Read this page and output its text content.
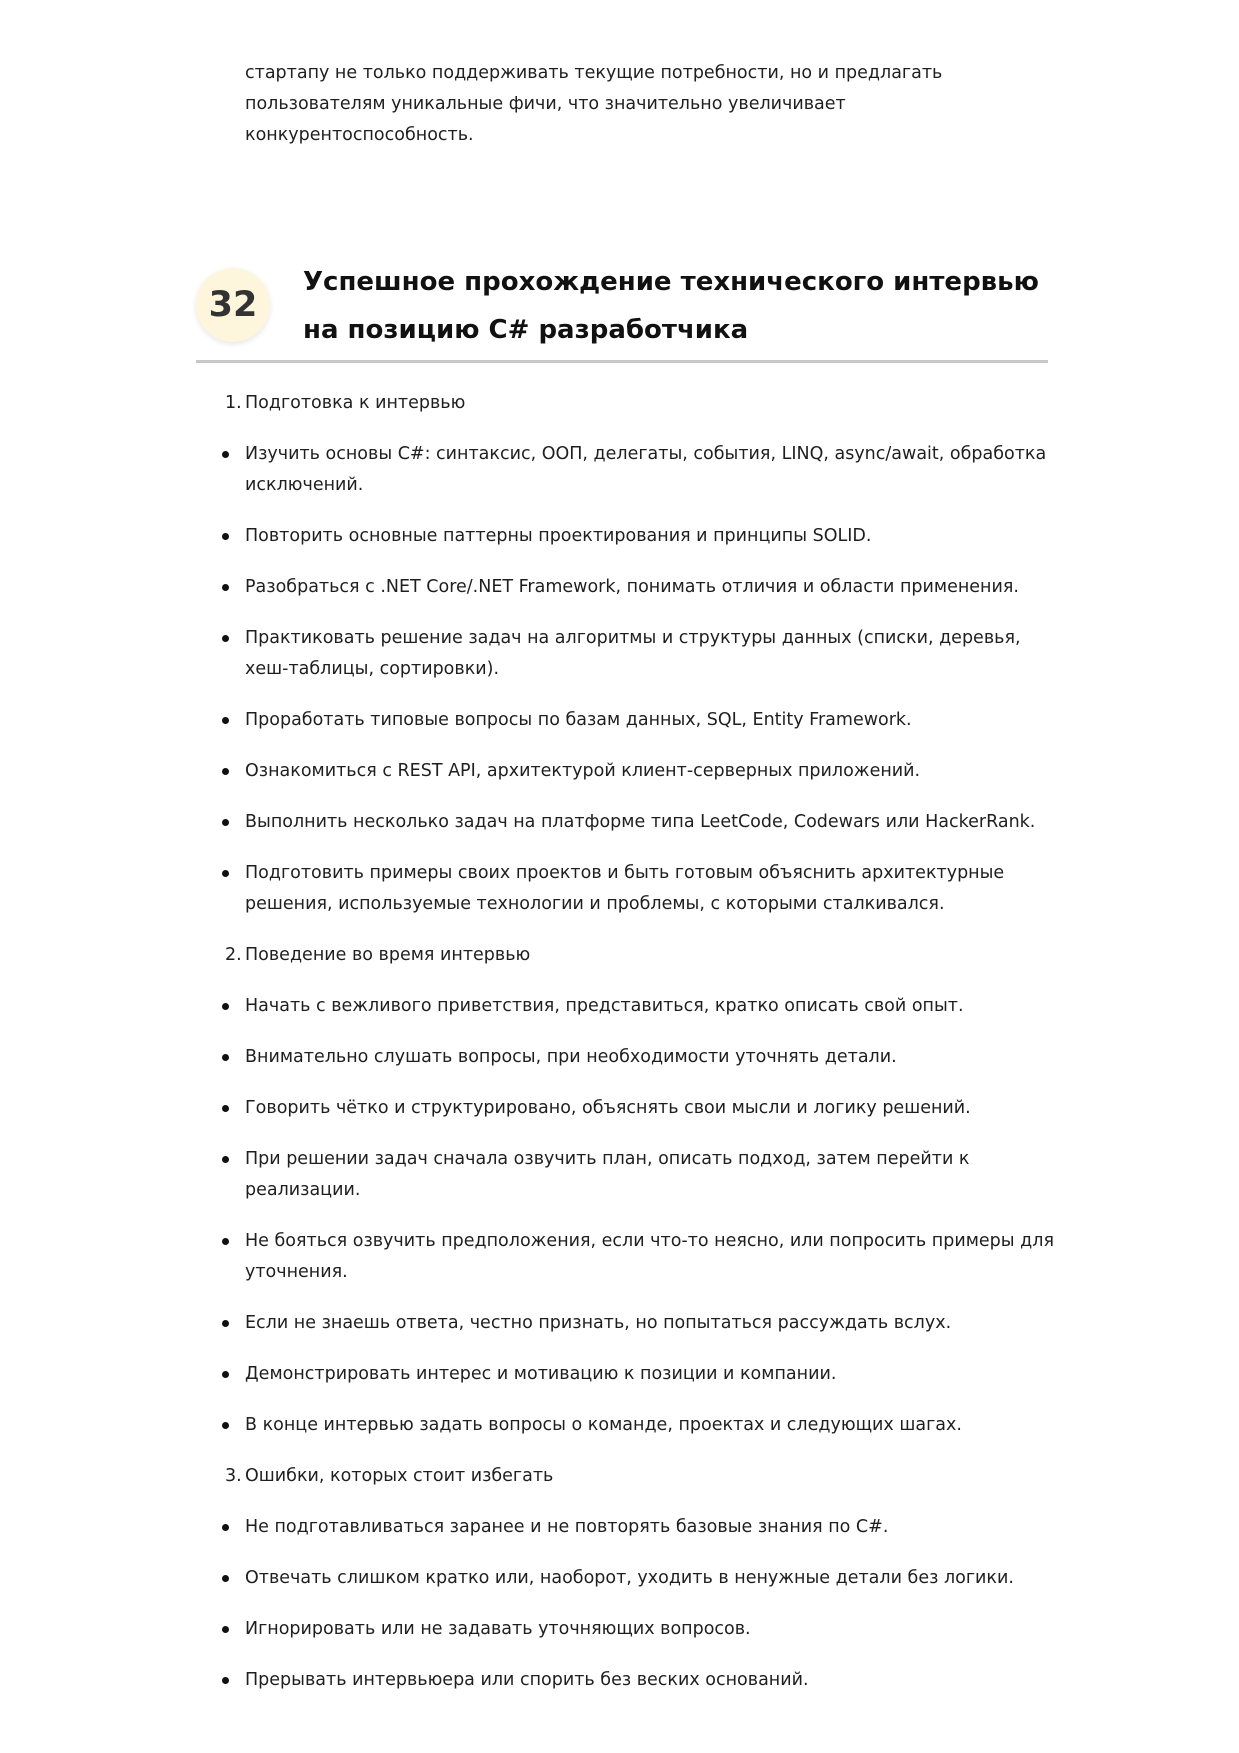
стартапу не только поддерживать текущие потребности, но и предлагать пользователям уникальные фичи, что значительно увеличивает конкурентоспособность.

32
Успешное прохождение технического интервью на позицию C# разработчика
1. Подготовка к интервью
Изучить основы C#: синтаксис, ООП, делегаты, события, LINQ, async/await, обработка исключений.
Повторить основные паттерны проектирования и принципы SOLID.
Разобраться с .NET Core/.NET Framework, понимать отличия и области применения.
Практиковать решение задач на алгоритмы и структуры данных (списки, деревья, хеш-таблицы, сортировки).
Проработать типовые вопросы по базам данных, SQL, Entity Framework.
Ознакомиться с REST API, архитектурой клиент-серверных приложений.
Выполнить несколько задач на платформе типа LeetCode, Codewars или HackerRank.
Подготовить примеры своих проектов и быть готовым объяснить архитектурные решения, используемые технологии и проблемы, с которыми сталкивался.
2. Поведение во время интервью
Начать с вежливого приветствия, представиться, кратко описать свой опыт.
Внимательно слушать вопросы, при необходимости уточнять детали.
Говорить чётко и структурировано, объяснять свои мысли и логику решений.
При решении задач сначала озвучить план, описать подход, затем перейти к реализации.
Не бояться озвучить предположения, если что-то неясно, или попросить примеры для уточнения.
Если не знаешь ответа, честно признать, но попытаться рассуждать вслух.
Демонстрировать интерес и мотивацию к позиции и компании.
В конце интервью задать вопросы о команде, проектах и следующих шагах.
3. Ошибки, которых стоит избегать
Не подготавливаться заранее и не повторять базовые знания по C#.
Отвечать слишком кратко или, наоборот, уходить в ненужные детали без логики.
Игнорировать или не задавать уточняющих вопросов.
Прерывать интервьюера или спорить без веских оснований.
